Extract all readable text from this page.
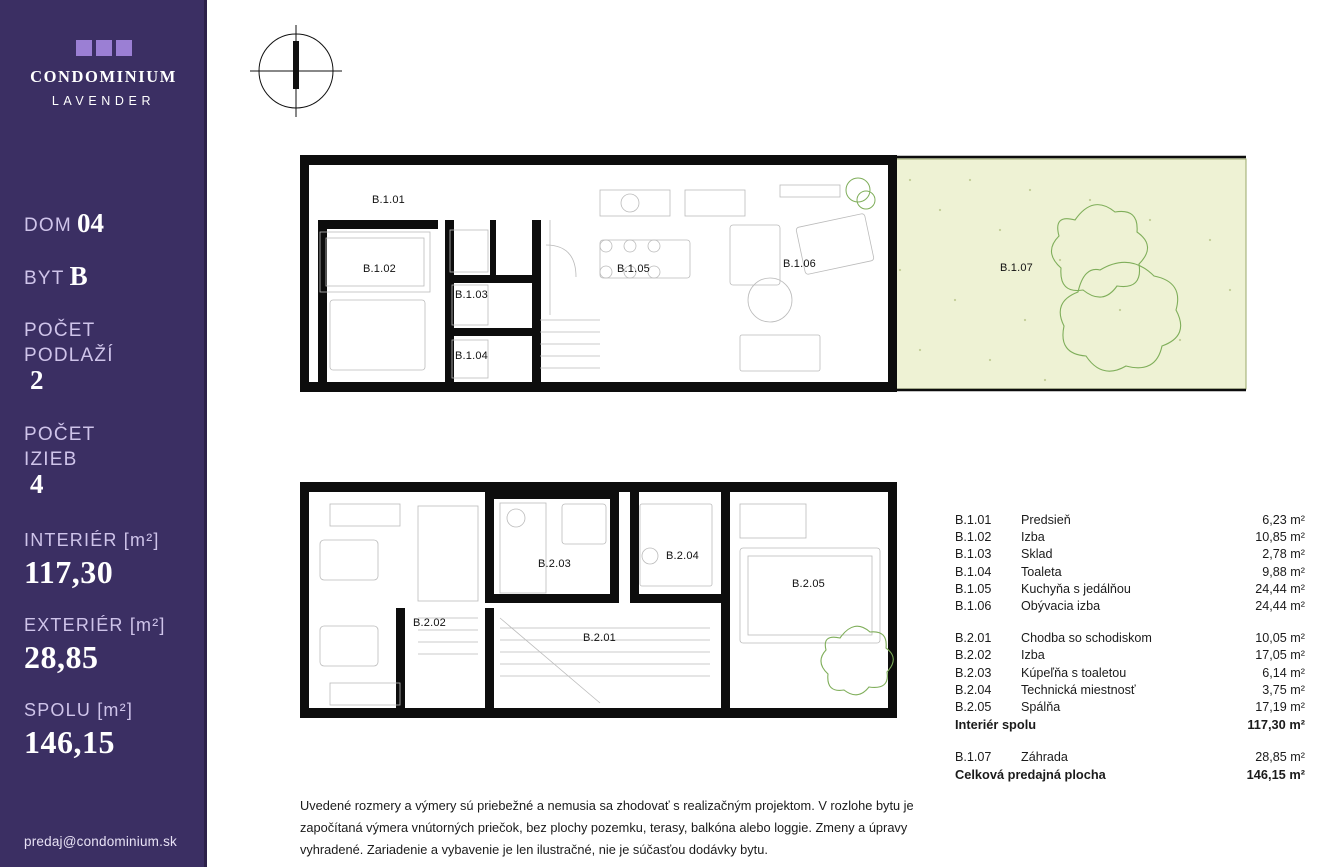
CONDOMINIUM
LAVENDER
DOM 04
BYT B
POČET
PODLAŽÍ
2
POČET
IZIEB
4
INTERIÉR [m²]
117,30
EXTERIÉR [m²]
28,85
SPOLU [m²]
146,15
predaj@condominium.sk
B.1.01
B.1.02
B.1.03
B.1.04
B.1.05	B.1.06	B.1.07
B.2.01
B.2.02
B.2.03
B.2.04
B.2.05
B.1.01	Predsieň	6,23 m²
B.1.02	Izba	10,85 m²
B.1.03	Sklad	2,78 m²
B.1.04	Toaleta	9,88 m²
B.1.05	Kuchyňa s jedálňou	24,44 m²
B.1.06	Obývacia izba	24,44 m²

B.2.01	Chodba so schodiskom	10,05 m²
B.2.02	Izba	17,05 m²
B.2.03	Kúpeľňa s toaletou	6,14 m²
B.2.04	Technická miestnosť	3,75 m²
B.2.05	Spálňa	17,19 m²
Interiér spolu		117,30 m²

B.1.07	Záhrada	28,85 m²
Celková predajná plocha		146,15 m²
Uvedené rozmery a výmery sú priebežné a nemusia sa zhodovať s realizačným projektom. V rozlohe bytu je započítaná výmera vnútorných priečok, bez plochy pozemku, terasy, balkóna alebo loggie. Zmeny a úpravy vyhradené. Zariadenie a vybavenie je len ilustračné, nie je súčasťou dodávky bytu.
